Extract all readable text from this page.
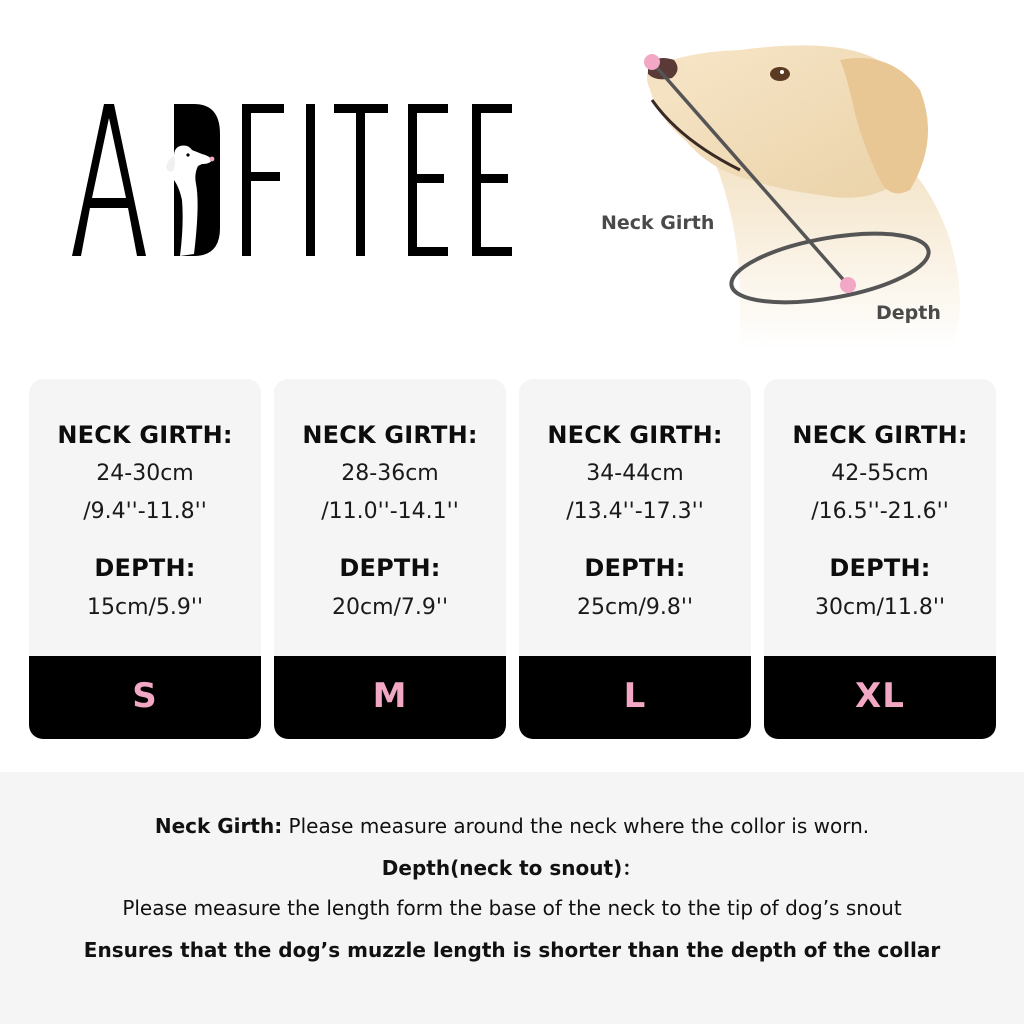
Neck Girth
Depth
NECK GIRTH:
24-30cm
/9.4''-11.8''
DEPTH:
15cm/5.9''
S
NECK GIRTH:
28-36cm
/11.0''-14.1''
DEPTH:
20cm/7.9''
M
NECK GIRTH:
34-44cm
/13.4''-17.3''
DEPTH:
25cm/9.8''
L
NECK GIRTH:
42-55cm
/16.5''-21.6''
DEPTH:
30cm/11.8''
XL
Neck Girth: Please measure around the neck where the collor is worn.
Depth(neck to snout)：
Please measure the length form the base of the neck to the tip of dog’s snout
Ensures that the dog’s muzzle length is shorter than the depth of the collar
